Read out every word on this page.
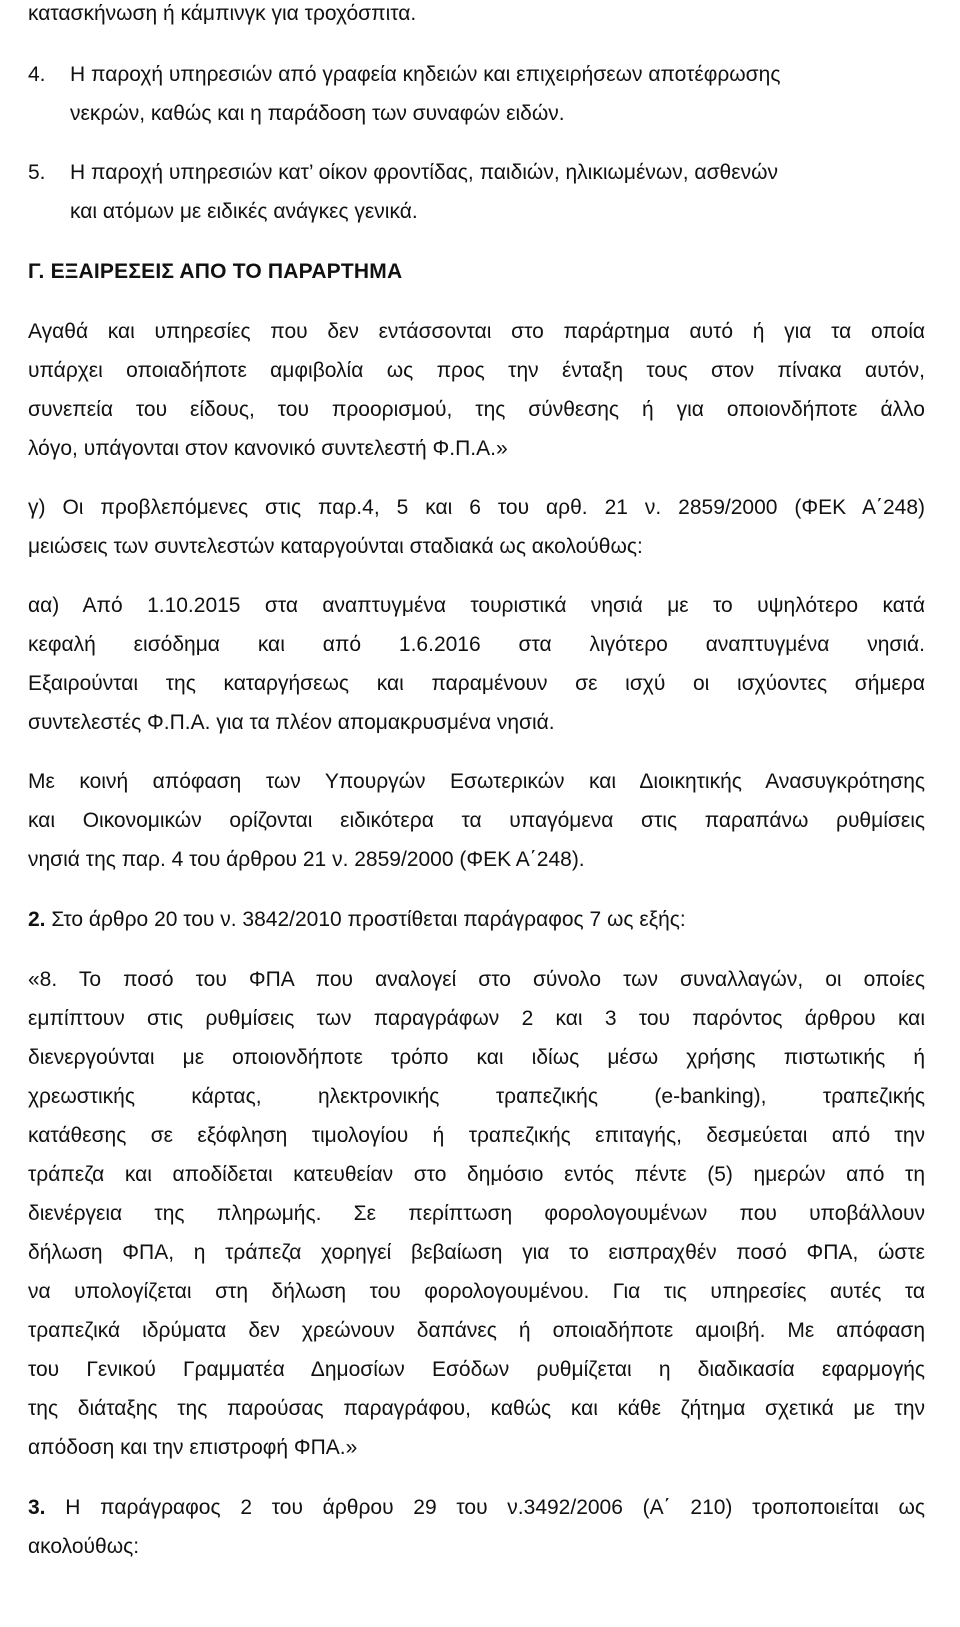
κατασκήνωση ή κάμπινγκ για τροχόσπιτα.
4. Η παροχή υπηρεσιών από γραφεία κηδειών και επιχειρήσεων αποτέφρωσης
νεκρών, καθώς και η παράδοση των συναφών ειδών.
5. Η παροχή υπηρεσιών κατ’ οίκον φροντίδας, παιδιών, ηλικιωμένων, ασθενών
και ατόμων με ειδικές ανάγκες γενικά.
Γ. ΕΞΑΙΡΕΣΕΙΣ ΑΠΟ ΤΟ ΠΑΡΑΡΤΗΜΑ
Αγαθά και υπηρεσίες που δεν εντάσσονται στο παράρτημα αυτό ή για τα οποία
υπάρχει οποιαδήποτε αμφιβολία ως προς την ένταξη τους στον πίνακα αυτόν,
συνεπεία του είδους, του προορισμού, της σύνθεσης ή για οποιονδήποτε άλλο
λόγο, υπάγονται στον κανονικό συντελεστή Φ.Π.Α.»
γ) Οι προβλεπόμενες στις παρ.4, 5 και 6 του αρθ. 21 ν. 2859/2000 (ΦΕΚ Α΄248)
μειώσεις των συντελεστών καταργούνται σταδιακά ως ακολούθως:
αα) Από 1.10.2015 στα αναπτυγμένα τουριστικά νησιά με το υψηλότερο κατά
κεφαλή εισόδημα και από 1.6.2016 στα λιγότερο αναπτυγμένα νησιά.
Εξαιρούνται της καταργήσεως και παραμένουν σε ισχύ οι ισχύοντες σήμερα
συντελεστές Φ.Π.Α. για τα πλέον απομακρυσμένα νησιά.
Με κοινή απόφαση των Υπουργών Εσωτερικών και Διοικητικής Ανασυγκρότησης
και Οικονομικών ορίζονται ειδικότερα τα υπαγόμενα στις παραπάνω ρυθμίσεις
νησιά της παρ. 4 του άρθρου 21 ν. 2859/2000 (ΦΕΚ Α΄248).
2. Στο άρθρο 20 του ν. 3842/2010 προστίθεται παράγραφος 7 ως εξής:
«8. Το ποσό του ΦΠΑ που αναλογεί στο σύνολο των συναλλαγών, οι οποίες
εμπίπτουν στις ρυθμίσεις των παραγράφων 2 και 3 του παρόντος άρθρου και
διενεργούνται με οποιονδήποτε τρόπο και ιδίως μέσω χρήσης πιστωτικής ή
χρεωστικής κάρτας, ηλεκτρονικής τραπεζικής (e-banking), τραπεζικής
κατάθεσης σε εξόφληση τιμολογίου ή τραπεζικής επιταγής, δεσμεύεται από την
τράπεζα και αποδίδεται κατευθείαν στο δημόσιο εντός πέντε (5) ημερών από τη
διενέργεια της πληρωμής. Σε περίπτωση φορολογουμένων που υποβάλλουν
δήλωση ΦΠΑ, η τράπεζα χορηγεί βεβαίωση για το εισπραχθέν ποσό ΦΠΑ, ώστε
να υπολογίζεται στη δήλωση του φορολογουμένου. Για τις υπηρεσίες αυτές τα
τραπεζικά ιδρύματα δεν χρεώνουν δαπάνες ή οποιαδήποτε αμοιβή. Με απόφαση
του Γενικού Γραμματέα Δημοσίων Εσόδων ρυθμίζεται η διαδικασία εφαρμογής
της διάταξης της παρούσας παραγράφου, καθώς και κάθε ζήτημα σχετικά με την
απόδοση και την επιστροφή ΦΠΑ.»
3. Η παράγραφος 2 του άρθρου 29 του ν.3492/2006 (Α΄ 210) τροποποιείται ως
ακολούθως:
